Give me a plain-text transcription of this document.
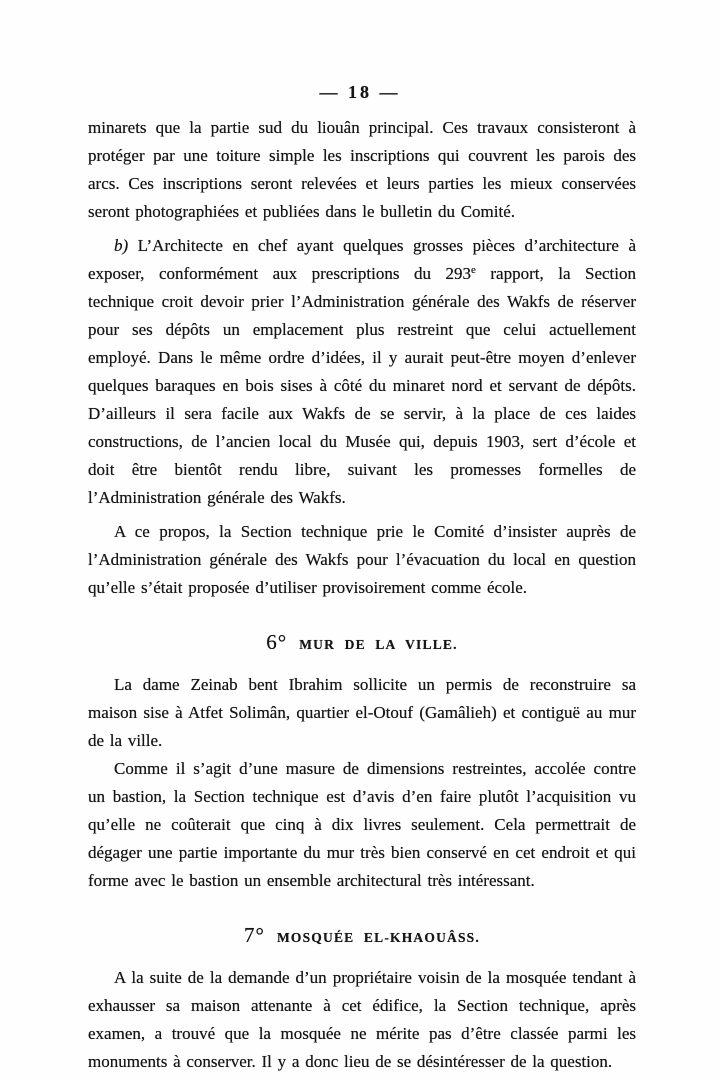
— 18 —

minarets que la partie sud du liouân principal. Ces travaux consisteront à protéger par une toiture simple les inscriptions qui couvrent les parois des arcs. Ces inscriptions seront relevées et leurs parties les mieux conservées seront photographiées et publiées dans le bulletin du Comité.

b) L’Architecte en chef ayant quelques grosses pièces d’architecture à exposer, conformément aux prescriptions du 293e rapport, la Section technique croit devoir prier l’Administration générale des Wakfs de réserver pour ses dépôts un emplacement plus restreint que celui actuellement employé. Dans le même ordre d’idées, il y aurait peut-être moyen d’enlever quelques baraques en bois sises à côté du minaret nord et servant de dépôts. D’ailleurs il sera facile aux Wakfs de se servir, à la place de ces laides constructions, de l’ancien local du Musée qui, depuis 1903, sert d’école et doit être bientôt rendu libre, suivant les promesses formelles de l’Administration générale des Wakfs.

A ce propos, la Section technique prie le Comité d’insister auprès de l’Administration générale des Wakfs pour l’évacuation du local en question qu’elle s’était proposée d’utiliser provisoirement comme école.

6° MUR DE LA VILLE.

La dame Zeinab bent Ibrahim sollicite un permis de reconstruire sa maison sise à Atfet Solimân, quartier el-Otouf (Gamâlieh) et contiguë au mur de la ville.

Comme il s’agit d’une masure de dimensions restreintes, accolée contre un bastion, la Section technique est d’avis d’en faire plutôt l’acquisition vu qu’elle ne coûterait que cinq à dix livres seulement. Cela permettrait de dégager une partie importante du mur très bien conservé en cet endroit et qui forme avec le bastion un ensemble architectural très intéressant.

7° MOSQUÉE EL-KHAOUÂSS.

A la suite de la demande d’un propriétaire voisin de la mosquée tendant à exhausser sa maison attenante à cet édifice, la Section technique, après examen, a trouvé que la mosquée ne mérite pas d’être classée parmi les monuments à conserver. Il y a donc lieu de se désintéresser de la question.
